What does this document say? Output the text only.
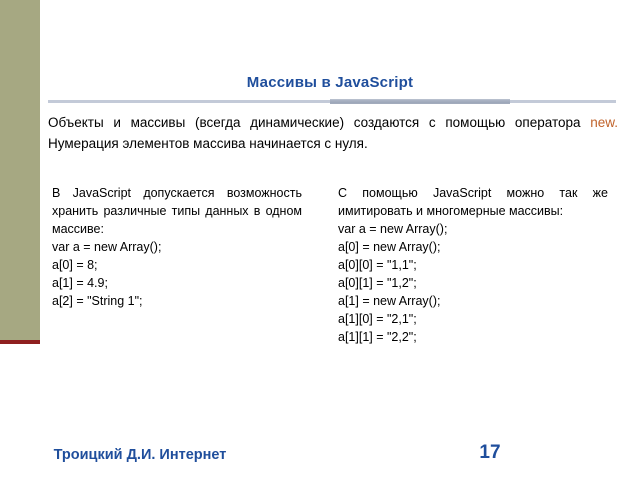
Массивы в JavaScript
Объекты и массивы (всегда динамические) создаются с помощью оператора new. Нумерация элементов массива начинается с нуля.
В JavaScript допускается возможность хранить различные типы данных в одном массиве:
var a = new Array();
a[0] = 8;
a[1] = 4.9;
a[2] = "String 1";
С помощью JavaScript можно так же имитировать и многомерные массивы:
var a = new Array();
a[0] = new Array();
a[0][0] = "1,1";
a[0][1] = "1,2";
a[1] = new Array();
a[1][0] = "2,1";
a[1][1] = "2,2";
Троицкий Д.И. Интернет	17
